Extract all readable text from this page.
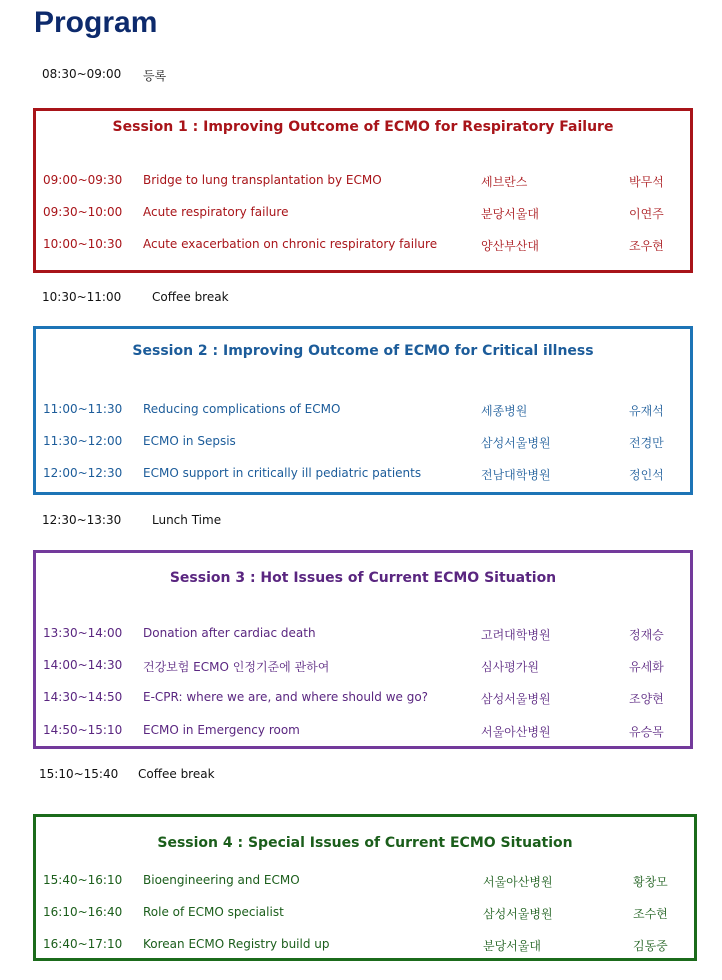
Program
08:30~09:00 등록
Session 1 : Improving Outcome of ECMO for Respiratory Failure
09:00~09:30 Bridge to lung transplantation by ECMO	세브란스	박무석
09:30~10:00 Acute respiratory failure	분당서울대	이연주
10:00~10:30 Acute exacerbation on chronic respiratory failure	양산부산대	조우현
10:30~11:00	Coffee break
Session 2 : Improving Outcome of ECMO for Critical illness
11:00~11:30 Reducing complications of ECMO	세종병원	유재석
11:30~12:00 ECMO in Sepsis	삼성서울병원	전경만
12:00~12:30 ECMO support in critically ill pediatric patients	전남대학병원	정인석
12:30~13:30	Lunch Time
Session 3 : Hot Issues of Current ECMO Situation
13:30~14:00 Donation after cardiac death	고려대학병원	정재승
14:00~14:30 건강보험 ECMO 인정기준에 관하여	심사평가원	유세화
14:30~14:50 E-CPR: where we are, and where should we go?	삼성서울병원	조양현
14:50~15:10 ECMO in Emergency room	서울아산병원	유승목
15:10~15:40 Coffee break
Session 4 : Special Issues of Current ECMO Situation
15:40~16:10 Bioengineering and ECMO	서울아산병원	황창모
16:10~16:40 Role of ECMO specialist	삼성서울병원	조수현
16:40~17:10 Korean ECMO Registry build up	분당서울대	김동중
